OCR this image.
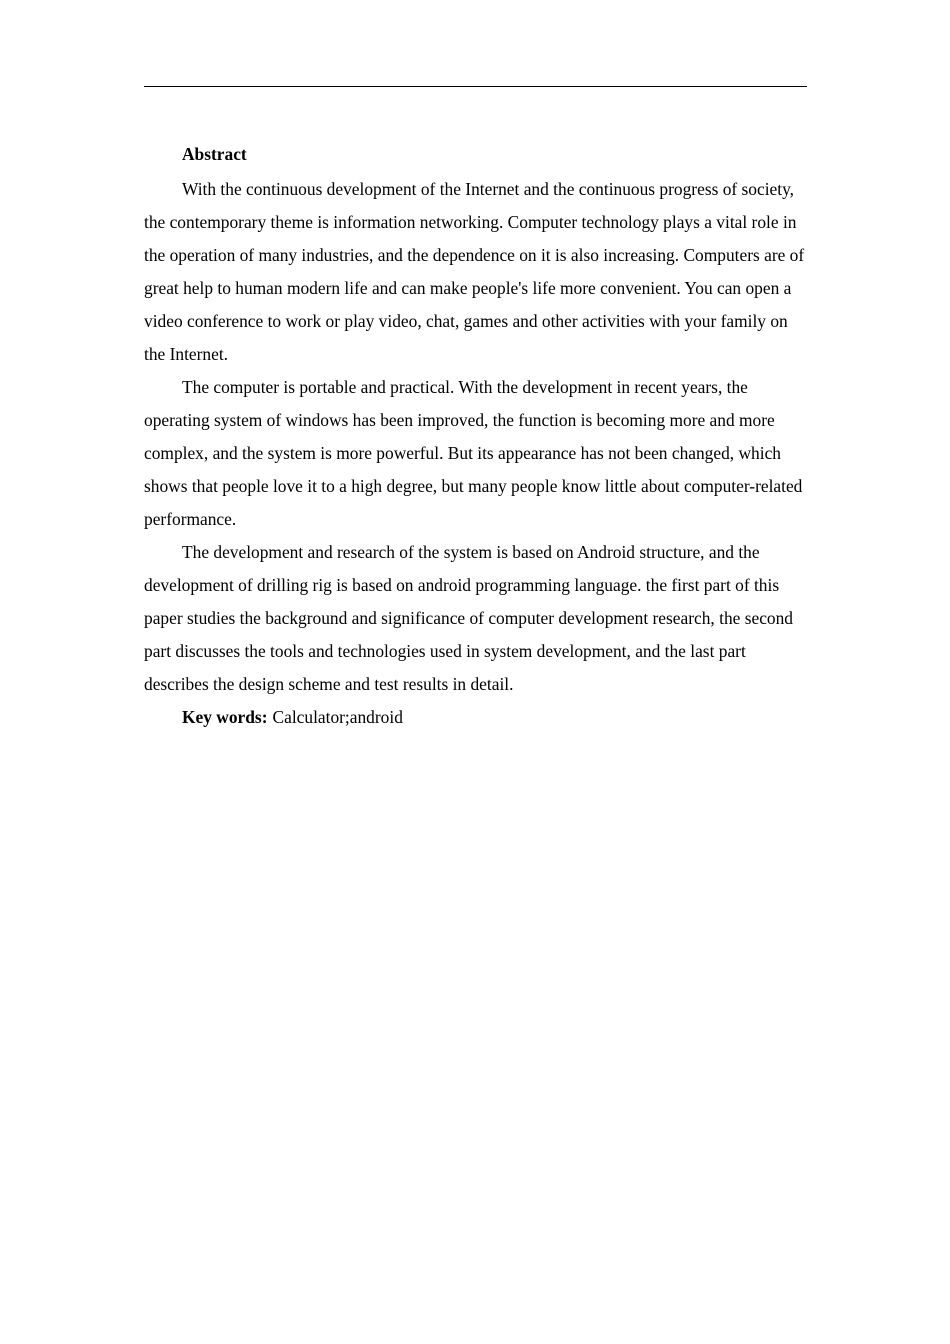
Abstract

With the continuous development of the Internet and the continuous progress of society, the contemporary theme is information networking. Computer technology plays a vital role in the operation of many industries, and the dependence on it is also increasing. Computers are of great help to human modern life and can make people's life more convenient. You can open a video conference to work or play video, chat, games and other activities with your family on the Internet.

The computer is portable and practical. With the development in recent years, the operating system of windows has been improved, the function is becoming more and more complex, and the system is more powerful. But its appearance has not been changed, which shows that people love it to a high degree, but many people know little about computer-related performance.

The development and research of the system is based on Android structure, and the development of drilling rig is based on android programming language. the first part of this paper studies the background and significance of computer development research, the second part discusses the tools and technologies used in system development, and the last part describes the design scheme and test results in detail.

Key words: Calculator;android
